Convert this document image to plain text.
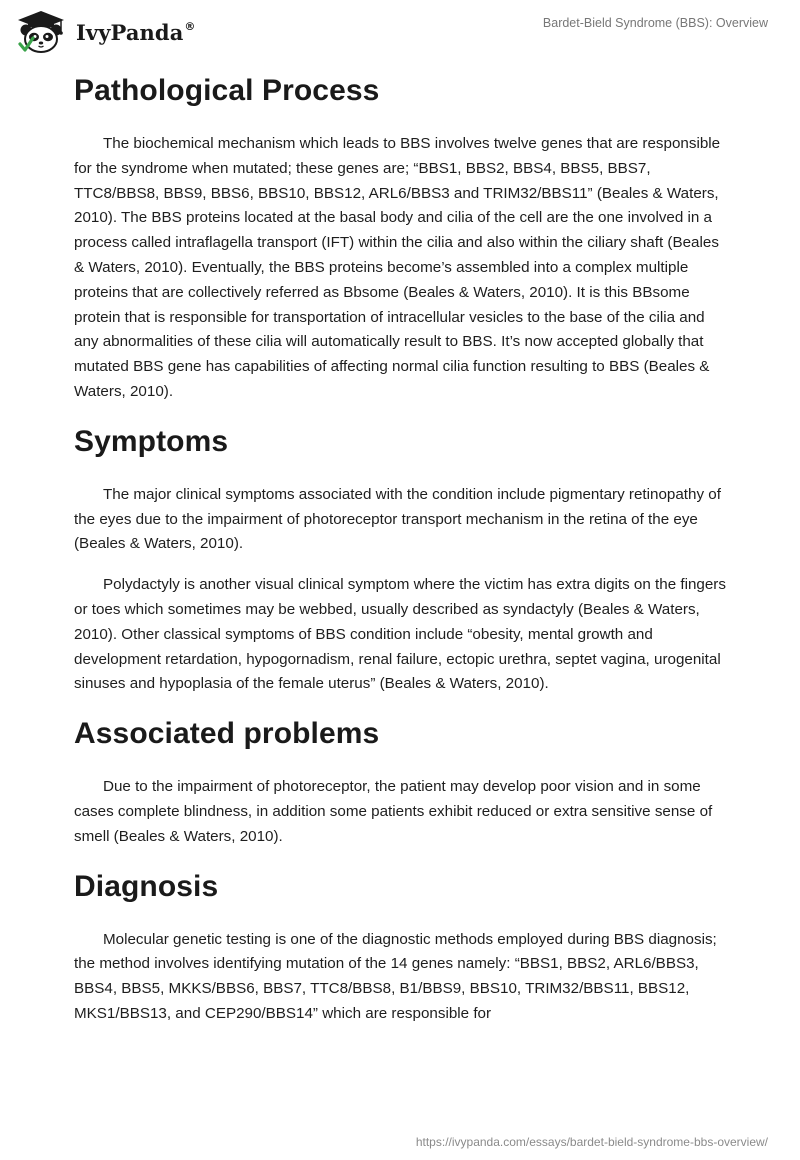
IvyPanda®	Bardet-Bield Syndrome (BBS): Overview
Pathological Process

The biochemical mechanism which leads to BBS involves twelve genes that are responsible for the syndrome when mutated; these genes are; “BBS1, BBS2, BBS4, BBS5, BBS7, TTC8/BBS8, BBS9, BBS6, BBS10, BBS12, ARL6/BBS3 and TRIM32/BBS11” (Beales & Waters, 2010). The BBS proteins located at the basal body and cilia of the cell are the one involved in a process called intraflagella transport (IFT) within the cilia and also within the ciliary shaft (Beales & Waters, 2010). Eventually, the BBS proteins become’s assembled into a complex multiple proteins that are collectively referred as Bbsome (Beales & Waters, 2010). It is this BBsome protein that is responsible for transportation of intracellular vesicles to the base of the cilia and any abnormalities of these cilia will automatically result to BBS. It’s now accepted globally that mutated BBS gene has capabilities of affecting normal cilia function resulting to BBS (Beales & Waters, 2010).

Symptoms

The major clinical symptoms associated with the condition include pigmentary retinopathy of the eyes due to the impairment of photoreceptor transport mechanism in the retina of the eye (Beales & Waters, 2010).

Polydactyly is another visual clinical symptom where the victim has extra digits on the fingers or toes which sometimes may be webbed, usually described as syndactyly (Beales & Waters, 2010). Other classical symptoms of BBS condition include “obesity, mental growth and development retardation, hypogornadism, renal failure, ectopic urethra, septet vagina, urogenital sinuses and hypoplasia of the female uterus” (Beales & Waters, 2010).

Associated problems

Due to the impairment of photoreceptor, the patient may develop poor vision and in some cases complete blindness, in addition some patients exhibit reduced or extra sensitive sense of smell (Beales & Waters, 2010).

Diagnosis

Molecular genetic testing is one of the diagnostic methods employed during BBS diagnosis; the method involves identifying mutation of the 14 genes namely: “BBS1, BBS2, ARL6/BBS3, BBS4, BBS5, MKKS/BBS6, BBS7, TTC8/BBS8, B1/BBS9, BBS10, TRIM32/BBS11, BBS12, MKS1/BBS13, and CEP290/BBS14” which are responsible for

https://ivypanda.com/essays/bardet-bield-syndrome-bbs-overview/
